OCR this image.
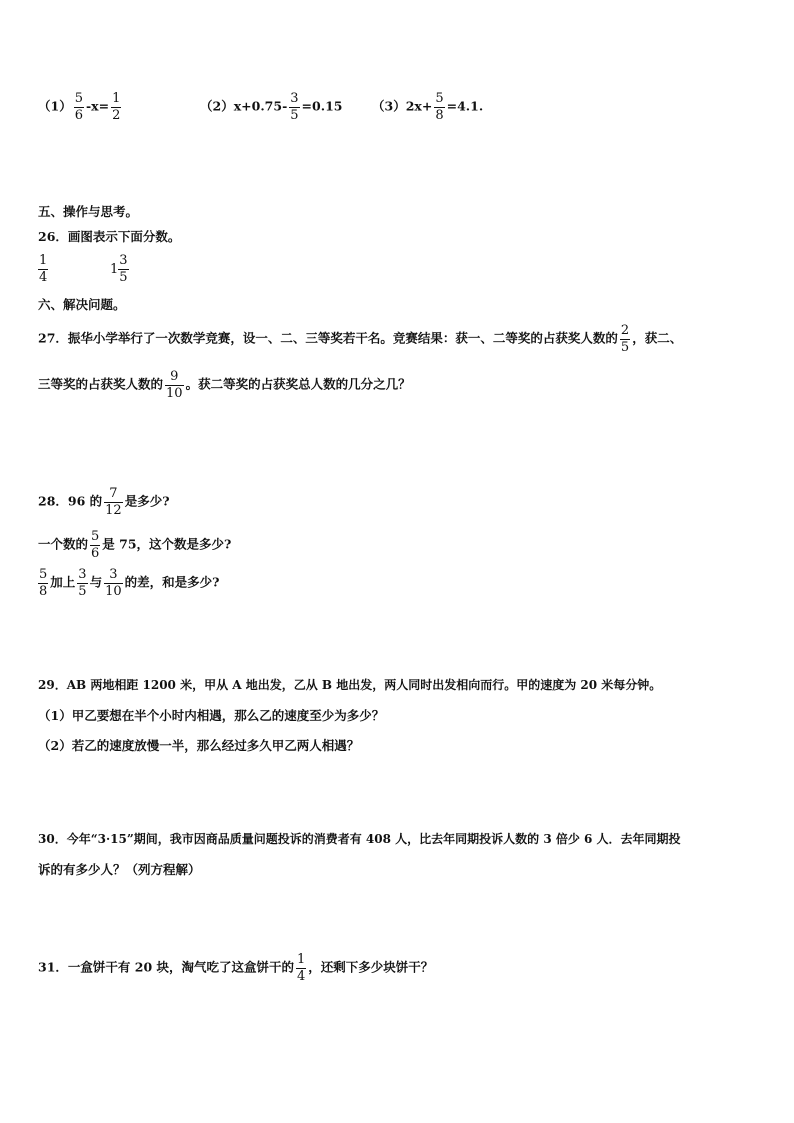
$(1) \frac{5}{6} -x= \frac{1}{2}$	$(2)x+0.75- \frac{3}{5} =0.15$ $(3)2x+ \frac{5}{8} =4.1$.
五、操作与思考。
26．画图表示下面分数。
$\frac{1}{4}$	$1 \frac{3}{5}$
六、解决问题。
27．振华小学举行了一次数学竞赛，设一、二、三等奖若干名。竞赛结果：获一、二等奖的占获奖人数的 $\frac{2}{5}$ ，获二、
三等奖的占获奖人数的 $\frac{9}{10}$ 。获二等奖的占获奖总人数的几分之几？
28．96 的 $\frac{7}{12}$ 是多少?
一个数的 $\frac{5}{6}$ 是 75，这个数是多少?
$\frac{5}{8}$ 加上 $\frac{3}{5}$ 与 $\frac{3}{10}$ 的差，和是多少?
29．AB 两地相距 1200 米，甲从 A 地出发，乙从 B 地出发，两人同时出发相向而行。甲的速度为 20 米每分钟。
（1）甲乙要想在半个小时内相遇，那么乙的速度至少为多少？
（2）若乙的速度放慢一半，那么经过多久甲乙两人相遇？
30．今年“3·15”期间，我市因商品质量问题投诉的消费者有 408 人，比去年同期投诉人数的 3 倍少 6 人．去年同期投
诉的有多少人？（列方程解）
31．一盒饼干有 20 块，淘气吃了这盒饼干的 $\frac{1}{4}$ ，还剩下多少块饼干？
